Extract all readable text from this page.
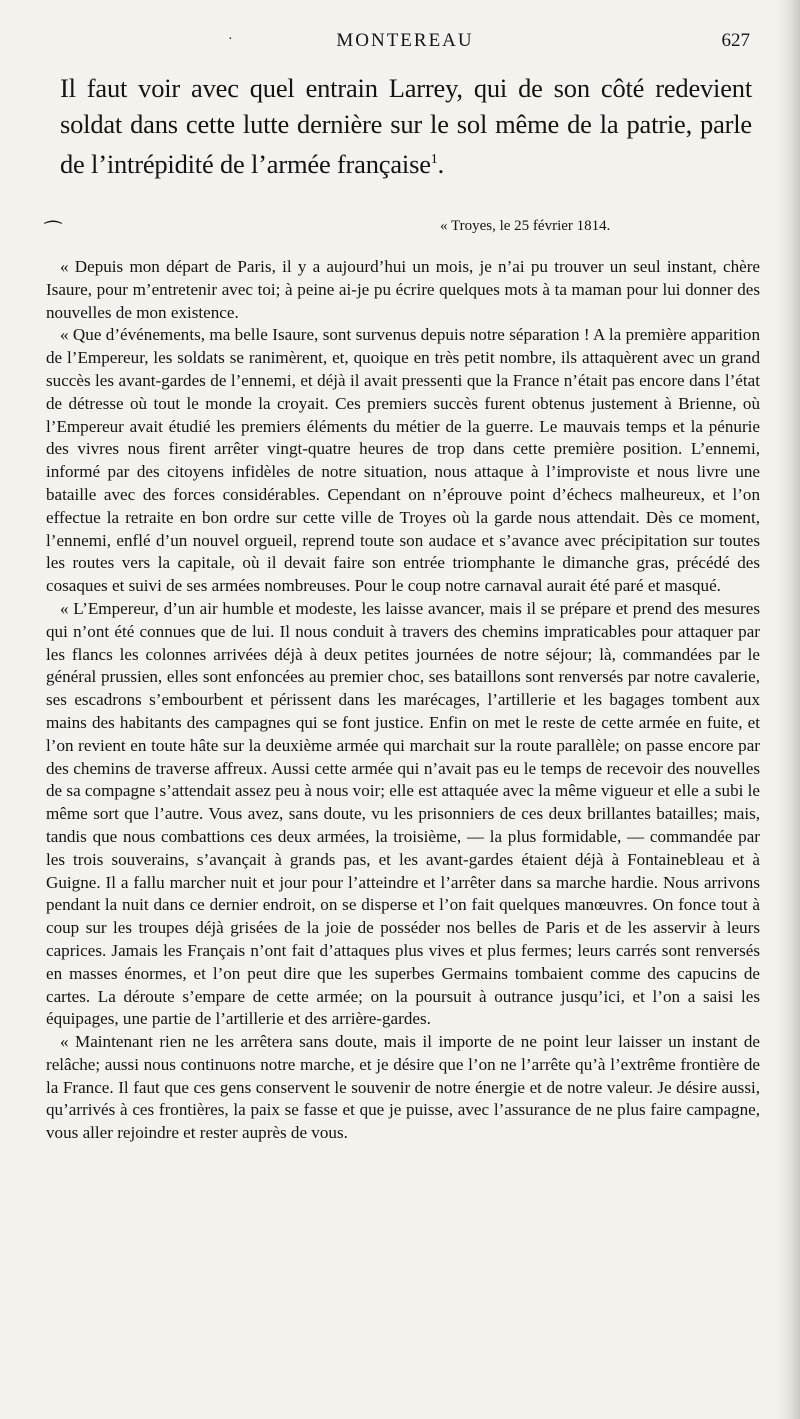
·	MONTEREAU	627

Il faut voir avec quel entrain Larrey, qui de son côté redevient soldat dans cette lutte dernière sur le sol même de la patrie, parle de l’intrépidité de l’armée française$^1$.

⁀	« Troyes, le 25 février 1814.

« Depuis mon départ de Paris, il y a aujourd’hui un mois, je n’ai pu trouver un seul instant, chère Isaure, pour m’entretenir avec toi; à peine ai-je pu écrire quelques mots à ta maman pour lui donner des nouvelles de mon existence.

« Que d’événements, ma belle Isaure, sont survenus depuis notre séparation ! A la première apparition de l’Empereur, les soldats se ranimèrent, et, quoique en très petit nombre, ils attaquèrent avec un grand succès les avant-gardes de l’ennemi, et déjà il avait pressenti que la France n’était pas encore dans l’état de détresse où tout le monde la croyait. Ces premiers succès furent obtenus justement à Brienne, où l’Empereur avait étudié les premiers éléments du métier de la guerre. Le mauvais temps et la pénurie des vivres nous firent arrêter vingt-quatre heures de trop dans cette première position. L’ennemi, informé par des citoyens infidèles de notre situation, nous attaque à l’improviste et nous livre une bataille avec des forces considérables. Cependant on n’éprouve point d’échecs malheureux, et l’on effectue la retraite en bon ordre sur cette ville de Troyes où la garde nous attendait. Dès ce moment, l’ennemi, enflé d’un nouvel orgueil, reprend toute son audace et s’avance avec précipitation sur toutes les routes vers la capitale, où il devait faire son entrée triomphante le dimanche gras, précédé des cosaques et suivi de ses armées nombreuses. Pour le coup notre carnaval aurait été paré et masqué.

« L’Empereur, d’un air humble et modeste, les laisse avancer, mais il se prépare et prend des mesures qui n’ont été connues que de lui. Il nous conduit à travers des chemins impraticables pour attaquer par les flancs les colonnes arrivées déjà à deux petites journées de notre séjour; là, commandées par le général prussien, elles sont enfoncées au premier choc, ses bataillons sont renversés par notre cavalerie, ses escadrons s’embourbent et périssent dans les marécages, l’artillerie et les bagages tombent aux mains des habitants des campagnes qui se font justice. Enfin on met le reste de cette armée en fuite, et l’on revient en toute hâte sur la deuxième armée qui marchait sur la route parallèle; on passe encore par des chemins de traverse affreux. Aussi cette armée qui n’avait pas eu le temps de recevoir des nouvelles de sa compagne s’attendait assez peu à nous voir; elle est attaquée avec la même vigueur et elle a subi le même sort que l’autre. Vous avez, sans doute, vu les prisonniers de ces deux brillantes batailles; mais, tandis que nous combattions ces deux armées, la troisième, — la plus formidable, — commandée par les trois souverains, s’avançait à grands pas, et les avant-gardes étaient déjà à Fontainebleau et à Guigne. Il a fallu marcher nuit et jour pour l’atteindre et l’arrêter dans sa marche hardie. Nous arrivons pendant la nuit dans ce dernier endroit, on se disperse et l’on fait quelques manœuvres. On fonce tout à coup sur les troupes déjà grisées de la joie de posséder nos belles de Paris et de les asservir à leurs caprices. Jamais les Français n’ont fait d’attaques plus vives et plus fermes; leurs carrés sont renversés en masses énormes, et l’on peut dire que les superbes Germains tombaient comme des capucins de cartes. La déroute s’empare de cette armée; on la poursuit à outrance jusqu’ici, et l’on a saisi les équipages, une partie de l’artillerie et des arrière-gardes.

« Maintenant rien ne les arrêtera sans doute, mais il importe de ne point leur laisser un instant de relâche; aussi nous continuons notre marche, et je désire que l’on ne l’arrête qu’à l’extrême frontière de la France. Il faut que ces gens conservent le souvenir de notre énergie et de notre valeur. Je désire aussi, qu’arrivés à ces frontières, la paix se fasse et que je puisse, avec l’assurance de ne plus faire campagne, vous aller rejoindre et rester auprès de vous.
